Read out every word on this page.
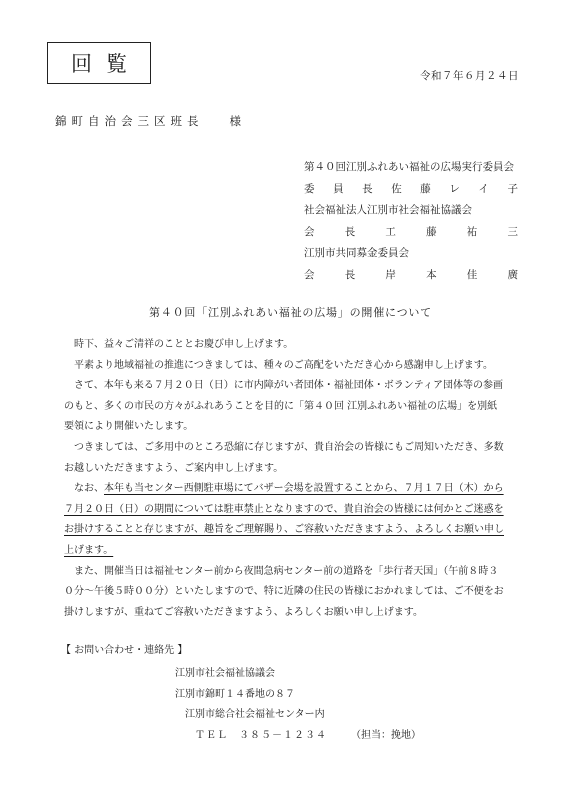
回覧	令和７年６月２４日
錦町自治会三区班長 様
第４０回江別ふれあい福祉の広場実行委員会
委 員 長 佐 藤 レ イ 子
社会福祉法人江別市社会福祉協議会
会	長	工	藤	祐	三
江別市共同募金委員会
会	長	岸	本	佳	廣
第４０回「江別ふれあい福祉の広場」の開催について

　時下、益々ご清祥のこととお慶び申し上げます。

　平素より地域福祉の推進につきましては、種々のご高配をいただき心から感謝申し上げます。

　さて、本年も来る７月２０日（日）に市内障がい者団体・福祉団体・ボランティア団体等の参画

のもと、多くの市民の方々がふれあうことを目的に「第４０回 江別ふれあい福祉の広場」を別紙

要領により開催いたします。

　つきましては、ご多用中のところ恐縮に存じますが、貴自治会の皆様にもご周知いただき、多数

お越しいただきますよう、ご案内申し上げます。

　なお、本年も当センター西側駐車場にてバザー会場を設置することから、７月１７日（木）から

７月２０日（日）の期間については駐車禁止となりますので、貴自治会の皆様には何かとご迷惑を

お掛けすることと存じますが、趣旨をご理解賜り、ご容赦いただきますよう、よろしくお願い申し

上げます。

　また、開催当日は福祉センター前から夜間急病センター前の道路を「歩行者天国」（午前８時３

０分～午後５時００分）といたしますので、特に近隣の住民の皆様におかれましては、ご不便をお

掛けしますが、重ねてご容赦いただきますよう、よろしくお願い申し上げます。

【 お問い合わせ・連絡先 】
江別市社会福祉協議会
江別市錦町１４番地の８７
江別市総合社会福祉センター内
ＴＥＬ　３８５－１２３４ （担当：挽地）
